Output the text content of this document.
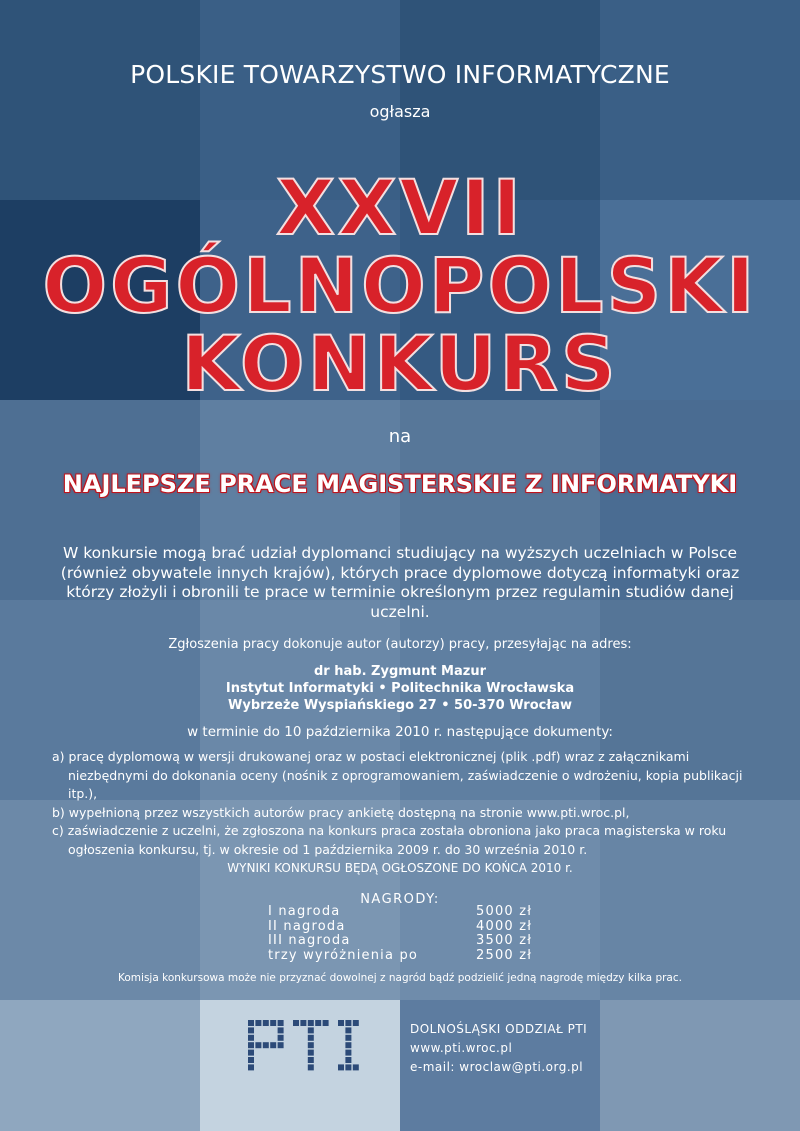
POLSKIE TOWARZYSTWO INFORMATYCZNE
ogłasza
XXVII
OGÓLNOPOLSKI
KONKURS
na
NAJLEPSZE PRACE MAGISTERSKIE Z INFORMATYKI
W konkursie mogą brać udział dyplomanci studiujący na wyższych uczelniach w Polsce (również obywatele innych krajów), których prace dyplomowe dotyczą informatyki oraz którzy złożyli i obronili te prace w terminie określonym przez regulamin studiów danej uczelni.
Zgłoszenia pracy dokonuje autor (autorzy) pracy, przesyłając na adres:
dr hab. Zygmunt Mazur
Instytut Informatyki • Politechnika Wrocławska
Wybrzeże Wyspiańskiego 27 • 50-370 Wrocław
w terminie do 10 października 2010 r. następujące dokumenty:
a) pracę dyplomową w wersji drukowanej oraz w postaci elektronicznej (plik .pdf) wraz z załącznikami niezbędnymi do dokonania oceny (nośnik z oprogramowaniem, zaświadczenie o wdrożeniu, kopia publikacji itp.),
b) wypełnioną przez wszystkich autorów pracy ankietę dostępną na stronie www.pti.wroc.pl,
c) zaświadczenie z uczelni, że zgłoszona na konkurs praca została obroniona jako praca magisterska w roku ogłoszenia konkursu, tj. w okresie od 1 października 2009 r. do 30 września 2010 r.
WYNIKI KONKURSU BĘDĄ OGŁOSZONE DO KOŃCA 2010 r.
NAGRODY:
I nagroda	5000 zł
II nagroda	4000 zł
III nagroda	3500 zł
trzy wyróżnienia po	2500 zł
Komisja konkursowa może nie przyznać dowolnej z nagród bądź podzielić jedną nagrodę między kilka prac.
DOLNOŚLĄSKI ODDZIAŁ PTI
www.pti.wroc.pl
e-mail: wroclaw@pti.org.pl
